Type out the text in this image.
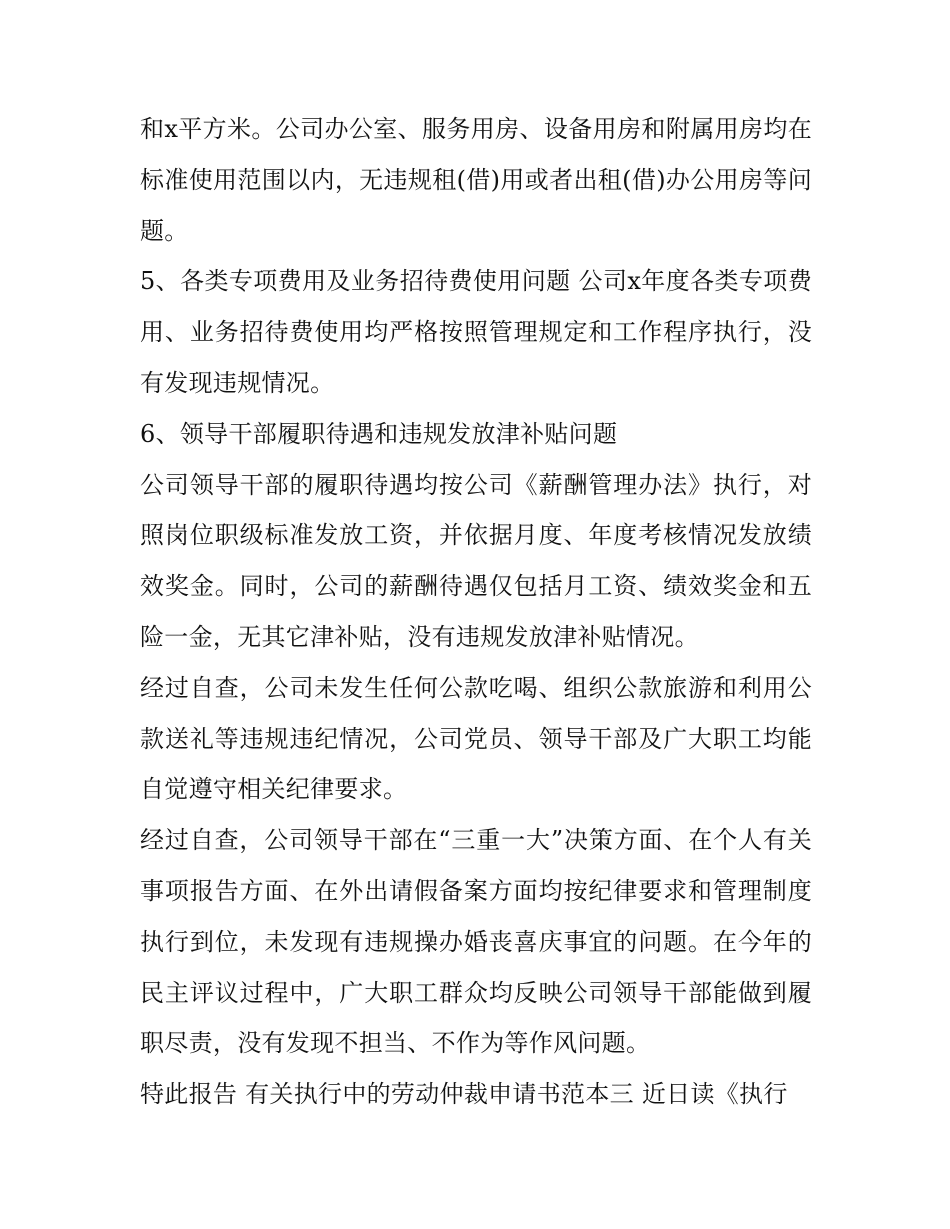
和x平方米。公司办公室、服务用房、设备用房和附属用房均在标准使用范围以内，无违规租(借)用或者出租(借)办公用房等问题。

5、各类专项费用及业务招待费使用问题 公司x年度各类专项费用、业务招待费使用均严格按照管理规定和工作程序执行，没有发现违规情况。

6、领导干部履职待遇和违规发放津补贴问题

公司领导干部的履职待遇均按公司《薪酬管理办法》执行，对照岗位职级标准发放工资，并依据月度、年度考核情况发放绩效奖金。同时，公司的薪酬待遇仅包括月工资、绩效奖金和五险一金，无其它津补贴，没有违规发放津补贴情况。

经过自查，公司未发生任何公款吃喝、组织公款旅游和利用公款送礼等违规违纪情况，公司党员、领导干部及广大职工均能自觉遵守相关纪律要求。

经过自查，公司领导干部在“三重一大”决策方面、在个人有关事项报告方面、在外出请假备案方面均按纪律要求和管理制度执行到位，未发现有违规操办婚丧喜庆事宜的问题。在今年的民主评议过程中，广大职工群众均反映公司领导干部能做到履职尽责，没有发现不担当、不作为等作风问题。

特此报告 有关执行中的劳动仲裁申请书范本三 近日读《执行
